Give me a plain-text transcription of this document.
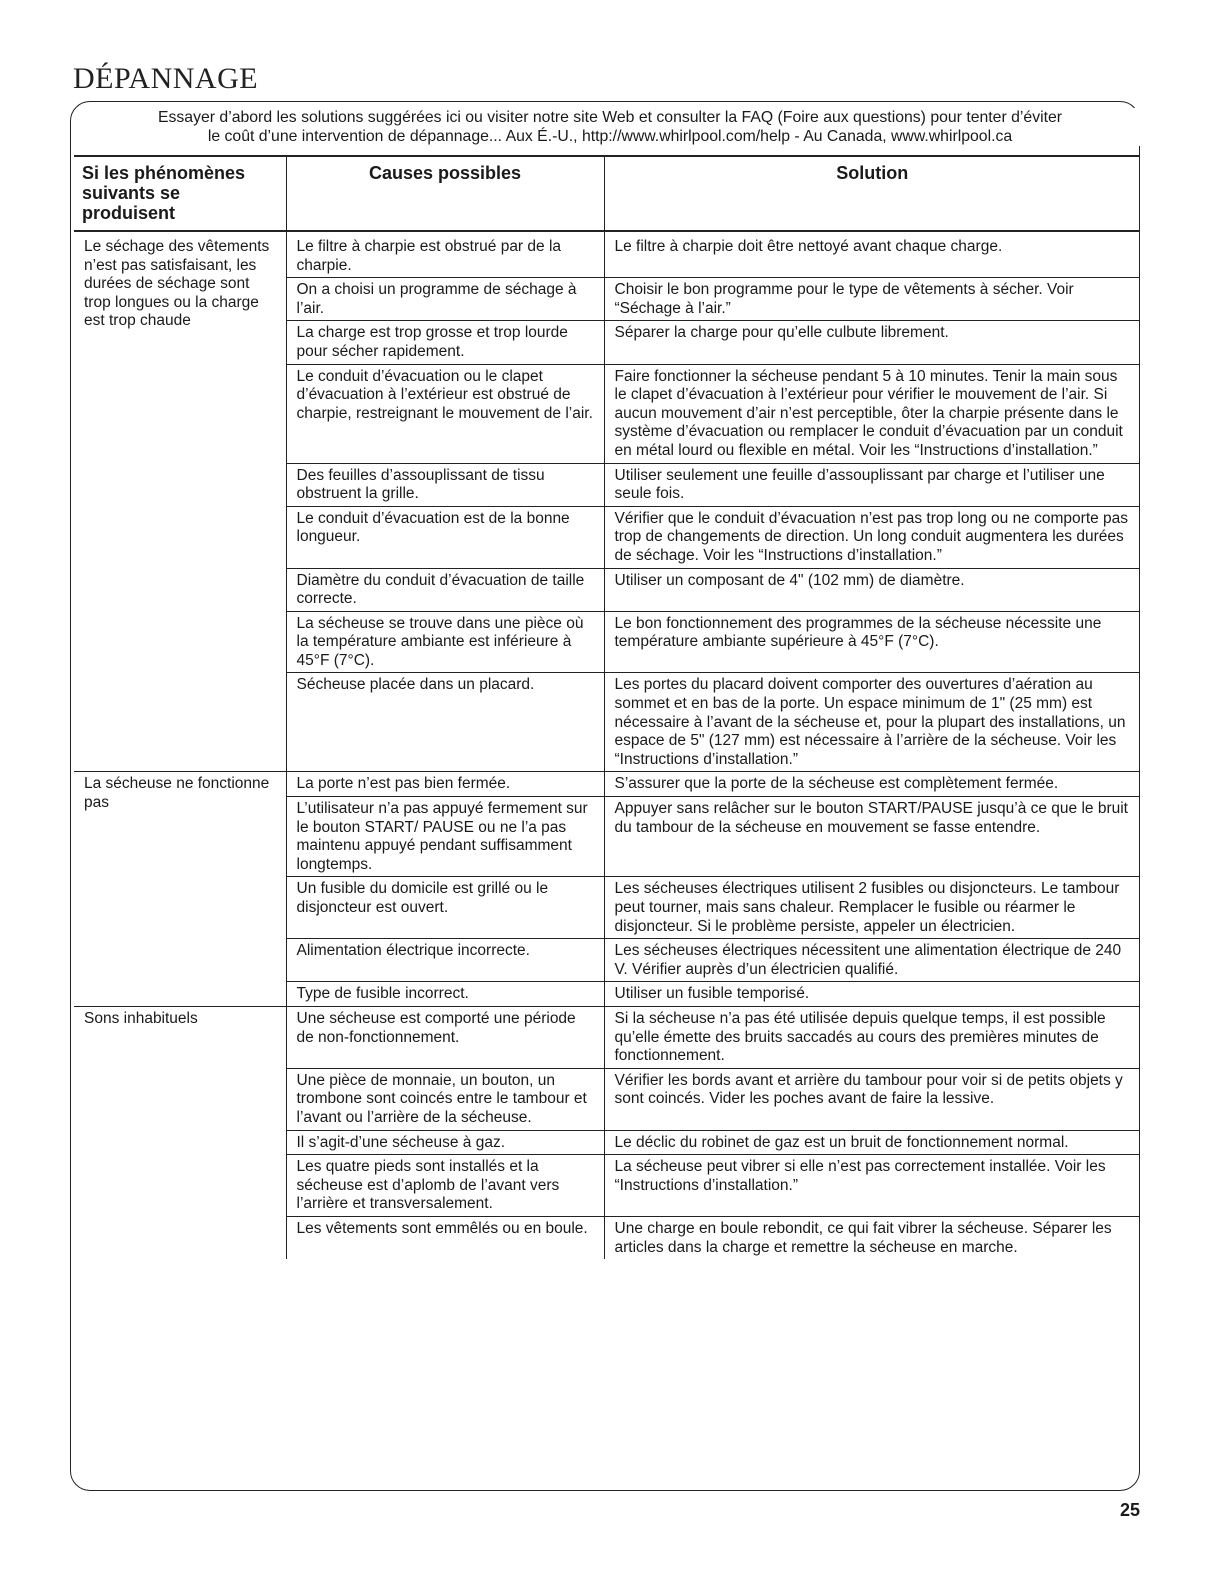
DÉPANNAGE
Essayer d’abord les solutions suggérées ici ou visiter notre site Web et consulter la FAQ (Foire aux questions) pour tenter d’éviter
le coût d’une intervention de dépannage... Aux É.-U., http://www.whirlpool.com/help - Au Canada, www.whirlpool.ca
Si les phénomènes suivants se produisent	Causes possibles	Solution
Le séchage des vêtements n’est pas satisfaisant, les durées de séchage sont trop longues ou la charge est trop chaude	Le filtre à charpie est obstrué par de la charpie.	Le filtre à charpie doit être nettoyé avant chaque charge.
	On a choisi un programme de séchage à l’air.	Choisir le bon programme pour le type de vêtements à sécher. Voir “Séchage à l’air.”
	La charge est trop grosse et trop lourde pour sécher rapidement.	Séparer la charge pour qu’elle culbute librement.
	Le conduit d’évacuation ou le clapet d’évacuation à l’extérieur est obstrué de charpie, restreignant le mouvement de l’air.	Faire fonctionner la sécheuse pendant 5 à 10 minutes. Tenir la main sous le clapet d’évacuation à l’extérieur pour vérifier le mouvement de l’air. Si aucun mouvement d’air n’est perceptible, ôter la charpie présente dans le système d’évacuation ou remplacer le conduit d’évacuation par un conduit en métal lourd ou flexible en métal. Voir les “Instructions d’installation.”
	Des feuilles d’assouplissant de tissu obstruent la grille.	Utiliser seulement une feuille d’assouplissant par charge et l’utiliser une seule fois.
	Le conduit d’évacuation est de la bonne longueur.	Vérifier que le conduit d’évacuation n’est pas trop long ou ne comporte pas trop de changements de direction. Un long conduit augmentera les durées de séchage. Voir les “Instructions d’installation.”
	Diamètre du conduit d’évacuation de taille correcte.	Utiliser un composant de 4" (102 mm) de diamètre.
	La sécheuse se trouve dans une pièce où la température ambiante est inférieure à 45°F (7°C).	Le bon fonctionnement des programmes de la sécheuse nécessite une température ambiante supérieure à 45°F (7°C).
	Sécheuse placée dans un placard.	Les portes du placard doivent comporter des ouvertures d’aération au sommet et en bas de la porte. Un espace minimum de 1" (25 mm) est nécessaire à l’avant de la sécheuse et, pour la plupart des installations, un espace de 5" (127 mm) est nécessaire à l’arrière de la sécheuse. Voir les “Instructions d’installation.”
La sécheuse ne fonctionne pas	La porte n’est pas bien fermée.	S’assurer que la porte de la sécheuse est complètement fermée.
	L’utilisateur n’a pas appuyé fermement sur le bouton START/ PAUSE ou ne l’a pas maintenu appuyé pendant suffisamment longtemps.	Appuyer sans relâcher sur le bouton START/PAUSE jusqu’à ce que le bruit du tambour de la sécheuse en mouvement se fasse entendre.
	Un fusible du domicile est grillé ou le disjoncteur est ouvert.	Les sécheuses électriques utilisent 2 fusibles ou disjoncteurs. Le tambour peut tourner, mais sans chaleur. Remplacer le fusible ou réarmer le disjoncteur. Si le problème persiste, appeler un électricien.
	Alimentation électrique incorrecte.	Les sécheuses électriques nécessitent une alimentation électrique de 240 V. Vérifier auprès d’un électricien qualifié.
	Type de fusible incorrect.	Utiliser un fusible temporisé.
Sons inhabituels	Une sécheuse est comporté une période de non-fonctionnement.	Si la sécheuse n’a pas été utilisée depuis quelque temps, il est possible qu’elle émette des bruits saccadés au cours des premières minutes de fonctionnement.
	Une pièce de monnaie, un bouton, un trombone sont coincés entre le tambour et l’avant ou l’arrière de la sécheuse.	Vérifier les bords avant et arrière du tambour pour voir si de petits objets y sont coincés. Vider les poches avant de faire la lessive.
	Il s’agit-d’une sécheuse à gaz.	Le déclic du robinet de gaz est un bruit de fonctionnement normal.
	Les quatre pieds sont installés et la sécheuse est d’aplomb de l’avant vers l’arrière et transversalement.	La sécheuse peut vibrer si elle n’est pas correctement installée. Voir les “Instructions d’installation.”
	Les vêtements sont emmêlés ou en boule.	Une charge en boule rebondit, ce qui fait vibrer la sécheuse. Séparer les articles dans la charge et remettre la sécheuse en marche.
25
